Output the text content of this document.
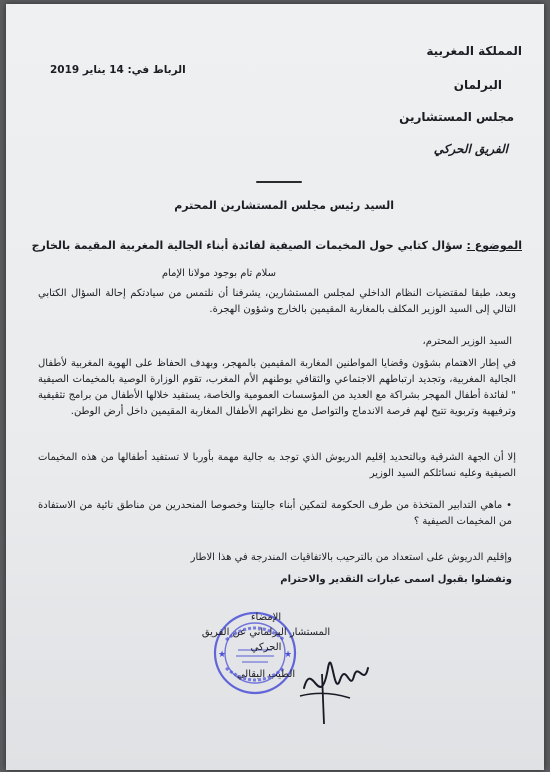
المملكة المغربية
البرلمان
مجلس المستشارين
الفريق الحركي
الرباط في: 14 يناير 2019
السيد رئيس مجلس المستشارين المحترم
الموضوع : سؤال كتابي حول المخيمات الصيفية لفائدة أبناء الجالية المغربية المقيمة بالخارج
سلام تام بوجود مولانا الإمام
وبعد، طبقا لمقتضيات النظام الداخلي لمجلس المستشارين، يشرفنا أن نلتمس من سيادتكم إحالة السؤال الكتابي التالي إلى السيد الوزير المكلف بالمغاربة المقيمين بالخارج وشؤون الهجرة.
السيد الوزير المحترم،
في إطار الاهتمام بشؤون وقضايا المواطنين المغاربة المقيمين بالمهجر، وبهدف الحفاظ على الهوية المغربية لأطفال الجالية المغربية، وتجديد ارتباطهم الاجتماعي والثقافي بوطنهم الأم المغرب، تقوم الوزارة الوصية بالمخيمات الصيفية " لفائدة أطفال المهجر بشراكة مع العديد من المؤسسات العمومية والخاصة، يستفيد خلالها الأطفال من برامج تثقيفية وترفيهية وتربوية تتيح لهم فرصة الاندماج والتواصل مع نظرائهم الأطفال المغاربة المقيمين داخل أرض الوطن.
إلا أن الجهة الشرقية وبالتحديد إقليم الدريوش الذي توجد به جالية مهمة بأوربا لا تستفيد أطفالها من هذه المخيمات الصيفية وعليه نسائلكم السيد الوزير
• ماهي التدابير المتخذة من طرف الحكومة لتمكين أبناء جاليتنا وخصوصا المنحدرين من مناطق نائية من الاستفادة من المخيمات الصيفية ؟
وإقليم الدريوش على استعداد من بالترحيب بالاتفاقيات المندرجة في هذا الاطار
وتفضلوا بقبول اسمى عبارات التقدير والاحترام
★	★
الإمضاء
المستشار البرلماني عن الفريق الحركي
الطيب البقالي
